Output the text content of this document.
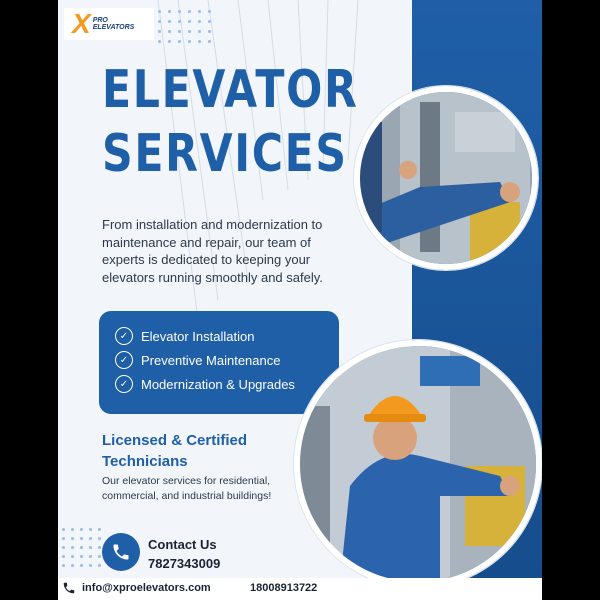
X PRO
ELEVATORS
ELEVATOR
SERVICES
From installation and modernization to maintenance and repair, our team of experts is dedicated to keeping your elevators running smoothly and safely.
✓ Elevator Installation
✓ Preventive Maintenance
✓ Modernization & Upgrades
Licensed & Certified
Technicians
Our elevator services for residential, commercial, and industrial buildings!
Contact Us
7827343009
info@xproelevators.com	18008913722
